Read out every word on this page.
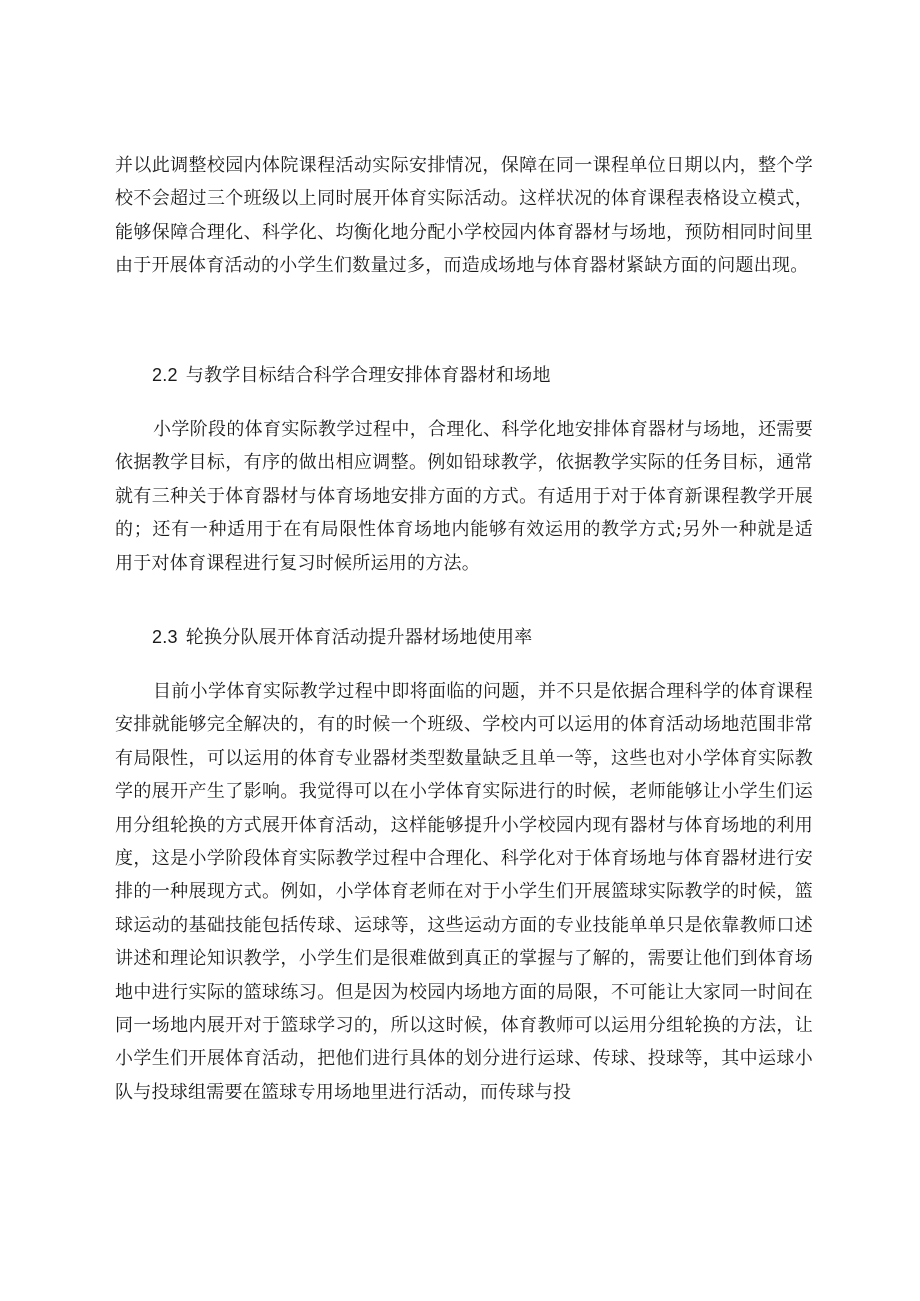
并以此调整校园内体院课程活动实际安排情况，保障在同一课程单位日期以内，整个学校不会超过三个班级以上同时展开体育实际活动。这样状况的体育课程表格设立模式，能够保障合理化、科学化、均衡化地分配小学校园内体育器材与场地，预防相同时间里由于开展体育活动的小学生们数量过多，而造成场地与体育器材紧缺方面的问题出现。

2.2 与教学目标结合科学合理安排体育器材和场地

小学阶段的体育实际教学过程中，合理化、科学化地安排体育器材与场地，还需要依据教学目标，有序的做出相应调整。例如铅球教学，依据教学实际的任务目标，通常就有三种关于体育器材与体育场地安排方面的方式。有适用于对于体育新课程教学开展的；还有一种适用于在有局限性体育场地内能够有效运用的教学方式;另外一种就是适用于对体育课程进行复习时候所运用的方法。

2.3 轮换分队展开体育活动提升器材场地使用率

目前小学体育实际教学过程中即将面临的问题，并不只是依据合理科学的体育课程安排就能够完全解决的，有的时候一个班级、学校内可以运用的体育活动场地范围非常有局限性，可以运用的体育专业器材类型数量缺乏且单一等，这些也对小学体育实际教学的展开产生了影响。我觉得可以在小学体育实际进行的时候，老师能够让小学生们运用分组轮换的方式展开体育活动，这样能够提升小学校园内现有器材与体育场地的利用度，这是小学阶段体育实际教学过程中合理化、科学化对于体育场地与体育器材进行安排的一种展现方式。例如，小学体育老师在对于小学生们开展篮球实际教学的时候，篮球运动的基础技能包括传球、运球等，这些运动方面的专业技能单单只是依靠教师口述讲述和理论知识教学，小学生们是很难做到真正的掌握与了解的，需要让他们到体育场地中进行实际的篮球练习。但是因为校园内场地方面的局限，不可能让大家同一时间在同一场地内展开对于篮球学习的，所以这时候，体育教师可以运用分组轮换的方法，让小学生们开展体育活动，把他们进行具体的划分进行运球、传球、投球等，其中运球小队与投球组需要在篮球专用场地里进行活动，而传球与投
